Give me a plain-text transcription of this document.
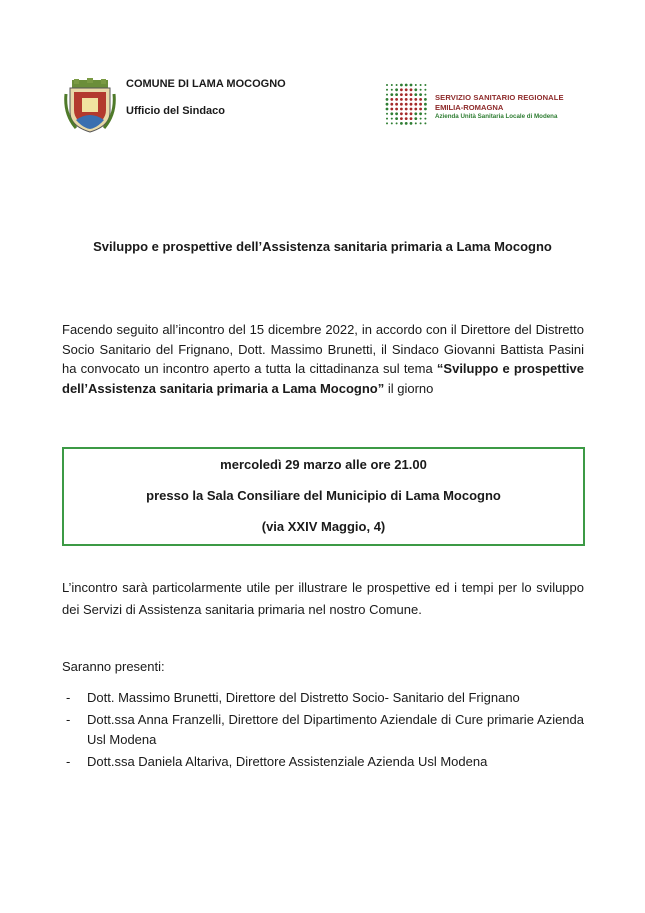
COMUNE DI LAMA MOCOGNO
Ufficio del Sindaco
SERVIZIO SANITARIO REGIONALE
EMILIA-ROMAGNA
Azienda Unità Sanitaria Locale di Modena
Sviluppo e prospettive dell’Assistenza sanitaria primaria a Lama Mocogno
Facendo seguito all’incontro del 15 dicembre 2022, in accordo con il Direttore del Distretto Socio Sanitario del Frignano, Dott. Massimo Brunetti, il Sindaco Giovanni Battista Pasini ha convocato un incontro aperto a tutta la cittadinanza sul tema “Sviluppo e prospettive dell’Assistenza sanitaria primaria a Lama Mocogno” il giorno
mercoledì 29 marzo alle ore 21.00
presso la Sala Consiliare del Municipio di Lama Mocogno
(via XXIV Maggio, 4)
L’incontro sarà particolarmente utile per illustrare le prospettive ed i tempi per lo sviluppo dei Servizi di Assistenza sanitaria primaria nel nostro Comune.
Saranno presenti:
- Dott. Massimo Brunetti, Direttore del Distretto Socio- Sanitario del Frignano
- Dott.ssa Anna Franzelli, Direttore del Dipartimento Aziendale di Cure primarie Azienda Usl Modena
- Dott.ssa Daniela Altariva, Direttore Assistenziale Azienda Usl Modena
